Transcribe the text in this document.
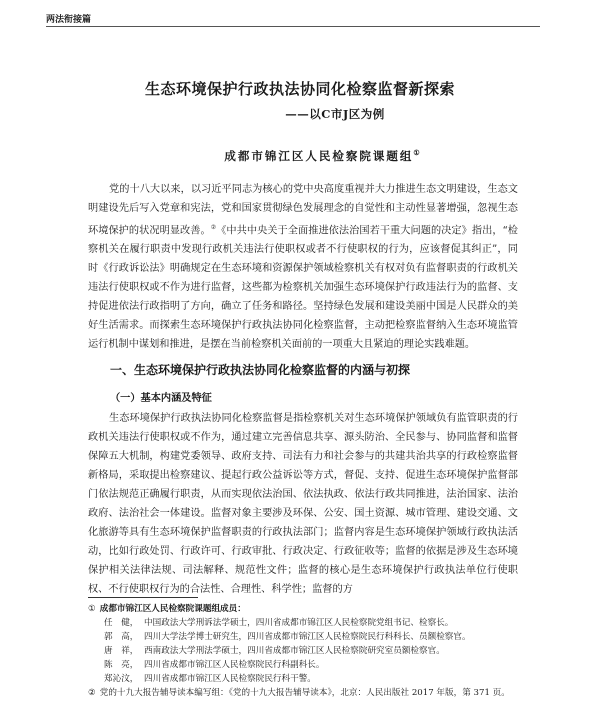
两法衔接篇
生态环境保护行政执法协同化检察监督新探索
——以C市J区为例
成都市锦江区人民检察院课题组①
党的十八大以来，以习近平同志为核心的党中央高度重视并大力推进生态文明建设，生态文明建设先后写入党章和宪法，党和国家贯彻绿色发展理念的自觉性和主动性显著增强，忽视生态环境保护的状况明显改善。②《中共中央关于全面推进依法治国若干重大问题的决定》指出，“检察机关在履行职责中发现行政机关违法行使职权或者不行使职权的行为，应该督促其纠正”，同时《行政诉讼法》明确规定在生态环境和资源保护领域检察机关有权对负有监督职责的行政机关违法行使职权或不作为进行监督，这些都为检察机关加强生态环境保护行政违法行为的监督、支持促进依法行政指明了方向，确立了任务和路径。坚持绿色发展和建设美丽中国是人民群众的美好生活需求。而探索生态环境保护行政执法协同化检察监督，主动把检察监督纳入生态环境监管运行机制中谋划和推进，是摆在当前检察机关面前的一项重大且紧迫的理论实践难题。
一、生态环境保护行政执法协同化检察监督的内涵与初探
（一）基本内涵及特征
生态环境保护行政执法协同化检察监督是指检察机关对生态环境保护领域负有监管职责的行政机关违法行使职权或不作为，通过建立完善信息共享、源头防治、全民参与、协同监督和监督保障五大机制，构建党委领导、政府支持、司法有力和社会参与的共建共治共享的行政检察监督新格局，采取提出检察建议、提起行政公益诉讼等方式，督促、支持、促进生态环境保护监督部门依法规范正确履行职责，从而实现依法治国、依法执政、依法行政共同推进，法治国家、法治政府、法治社会一体建设。监督对象主要涉及环保、公安、国土资源、城市管理、建设交通、文化旅游等具有生态环境保护监督职责的行政执法部门；监督内容是生态环境保护领域行政执法活动，比如行政处罚、行政许可、行政审批、行政决定、行政征收等；监督的依据是涉及生态环境保护相关法律法规、司法解释、规范性文件；监督的核心是生态环境保护行政执法单位行使职权、不行使职权行为的合法性、合理性、科学性；监督的方
① 成都市锦江区人民检察院课题组成员：
任　健， 中国政法大学刑诉法学硕士，四川省成都市锦江区人民检察院党组书记、检察长。
郭　高， 四川大学法学博士研究生，四川省成都市锦江区人民检察院民行科科长、员额检察官。
唐　祥， 西南政法大学刑法学硕士，四川省成都市锦江区人民检察院研究室员额检察官。
陈　亮， 四川省成都市锦江区人民检察院民行科副科长。
郑沁汶， 四川省成都市锦江区人民检察院民行科干警。
② 党的十九大报告辅导读本编写组：《党的十九大报告辅导读本》，北京：人民出版社 2017 年版，第 371 页。
